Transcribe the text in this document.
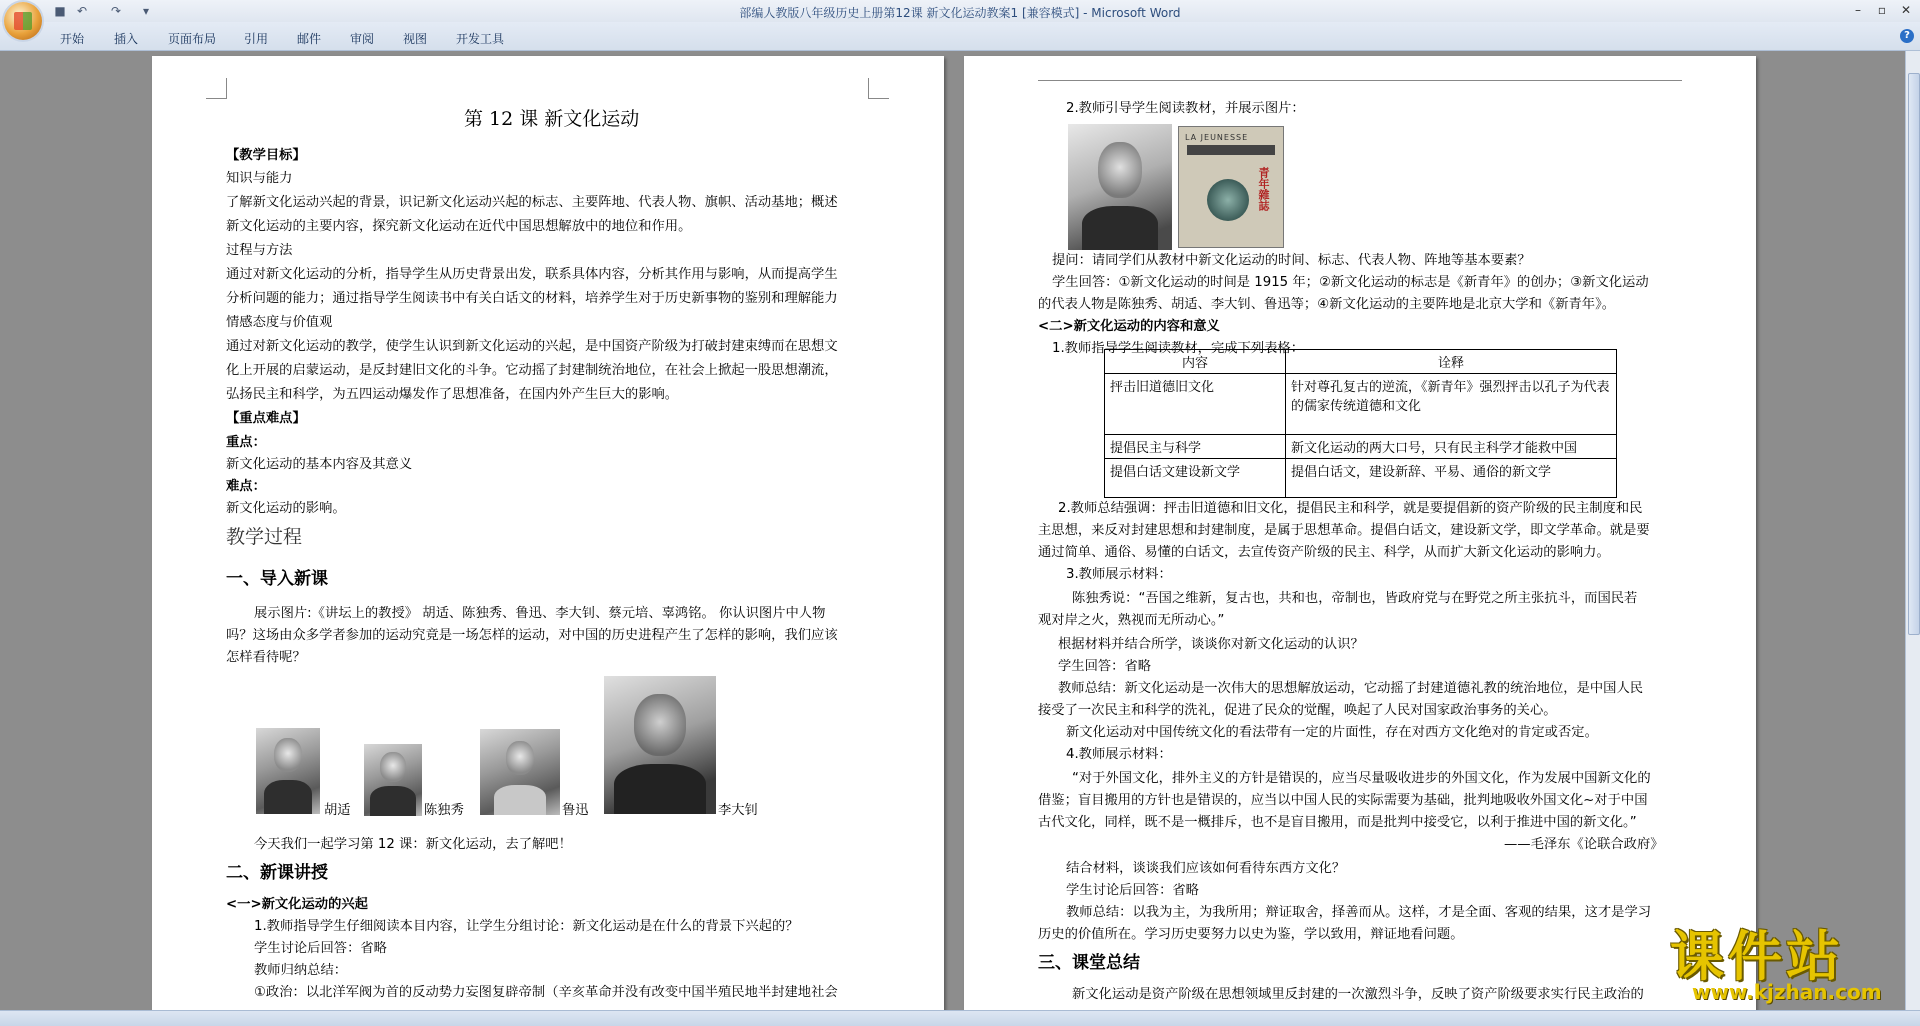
■ ↶ ↷	▾	部编人教版八年级历史上册第12课 新文化运动教案1 [兼容模式] - Microsoft Word	–	▫	✕
开始 插入 页面布局 引用 邮件 审阅 视图 开发工具	?
第 12 课 新文化运动
【教学目标】
知识与能力
了解新文化运动兴起的背景，识记新文化运动兴起的标志、主要阵地、代表人物、旗帜、活动基地；概述
新文化运动的主要内容，探究新文化运动在近代中国思想解放中的地位和作用。
过程与方法
通过对新文化运动的分析，指导学生从历史背景出发，联系具体内容，分析其作用与影响，从而提高学生
分析问题的能力；通过指导学生阅读书中有关白话文的材料，培养学生对于历史新事物的鉴别和理解能力
情感态度与价值观
通过对新文化运动的教学，使学生认识到新文化运动的兴起，是中国资产阶级为打破封建束缚而在思想文
化上开展的启蒙运动，是反封建旧文化的斗争。它动摇了封建制统治地位，在社会上掀起一股思想潮流，
弘扬民主和科学，为五四运动爆发作了思想准备，在国内外产生巨大的影响。
【重点难点】
重点：
新文化运动的基本内容及其意义
难点：
新文化运动的影响。
教学过程
一、导入新课
展示图片:《讲坛上的教授》 胡适、陈独秀、鲁迅、李大钊、蔡元培、辜鸿铭。 你认识图片中人物
吗？这场由众多学者参加的运动究竟是一场怎样的运动，对中国的历史进程产生了怎样的影响，我们应该
怎样看待呢？
胡适	陈独秀	鲁迅	李大钊
今天我们一起学习第 12 课：新文化运动，去了解吧！
二、新课讲授
<一>新文化运动的兴起
1.教师指导学生仔细阅读本目内容，让学生分组讨论：新文化运动是在什么的背景下兴起的？
学生讨论后回答：省略
教师归纳总结：
①政治：以北洋军阀为首的反动势力妄图复辟帝制（辛亥革命并没有改变中国半殖民地半封建地社会
2.教师引导学生阅读教材，并展示图片：
LA JEUNESSE
青年雜誌
提问：请同学们从教材中新文化运动的时间、标志、代表人物、阵地等基本要素？
学生回答：①新文化运动的时间是 1915 年；②新文化运动的标志是《新青年》的创办；③新文化运动
的代表人物是陈独秀、胡适、李大钊、鲁迅等；④新文化运动的主要阵地是北京大学和《新青年》。
<二>新文化运动的内容和意义
1.教师指导学生阅读教材，完成下列表格：
内容	诠释
抨击旧道德旧文化	针对尊孔复古的逆流，《新青年》强烈抨击以孔子为代表的儒家传统道德和文化
提倡民主与科学	新文化运动的两大口号，只有民主科学才能救中国
提倡白话文建设新文学	提倡白话文，建设新辞、平易、通俗的新文学
2.教师总结强调：抨击旧道德和旧文化，提倡民主和科学，就是要提倡新的资产阶级的民主制度和民
主思想，来反对封建思想和封建制度，是属于思想革命。提倡白话文，建设新文学，即文学革命。就是要
通过简单、通俗、易懂的白话文，去宣传资产阶级的民主、科学，从而扩大新文化运动的影响力。
3.教师展示材料：
陈独秀说：“吾国之维新，复古也，共和也，帝制也，皆政府党与在野党之所主张抗斗，而国民若
观对岸之火，熟视而无所动心。”
根据材料并结合所学，谈谈你对新文化运动的认识？
学生回答：省略
教师总结：新文化运动是一次伟大的思想解放运动，它动摇了封建道德礼教的统治地位，是中国人民
接受了一次民主和科学的洗礼，促进了民众的觉醒，唤起了人民对国家政治事务的关心。
新文化运动对中国传统文化的看法带有一定的片面性，存在对西方文化绝对的肯定或否定。
4.教师展示材料：
“对于外国文化，排外主义的方针是错误的，应当尽量吸收进步的外国文化，作为发展中国新文化的
借鉴；盲目搬用的方针也是错误的，应当以中国人民的实际需要为基础，批判地吸收外国文化~对于中国
古代文化，同样，既不是一概排斥，也不是盲目搬用，而是批判中接受它，以利于推进中国的新文化。”
——毛泽东《论联合政府》
结合材料，谈谈我们应该如何看待东西方文化？
学生讨论后回答：省略
教师总结：以我为主，为我所用；辩证取舍，择善而从。这样，才是全面、客观的结果，这才是学习
历史的价值所在。学习历史要努力以史为鉴，学以致用，辩证地看问题。
三、课堂总结
新文化运动是资产阶级在思想领域里反封建的一次激烈斗争，反映了资产阶级要求实行民主政治的
课件站
www.kjzhan.com
